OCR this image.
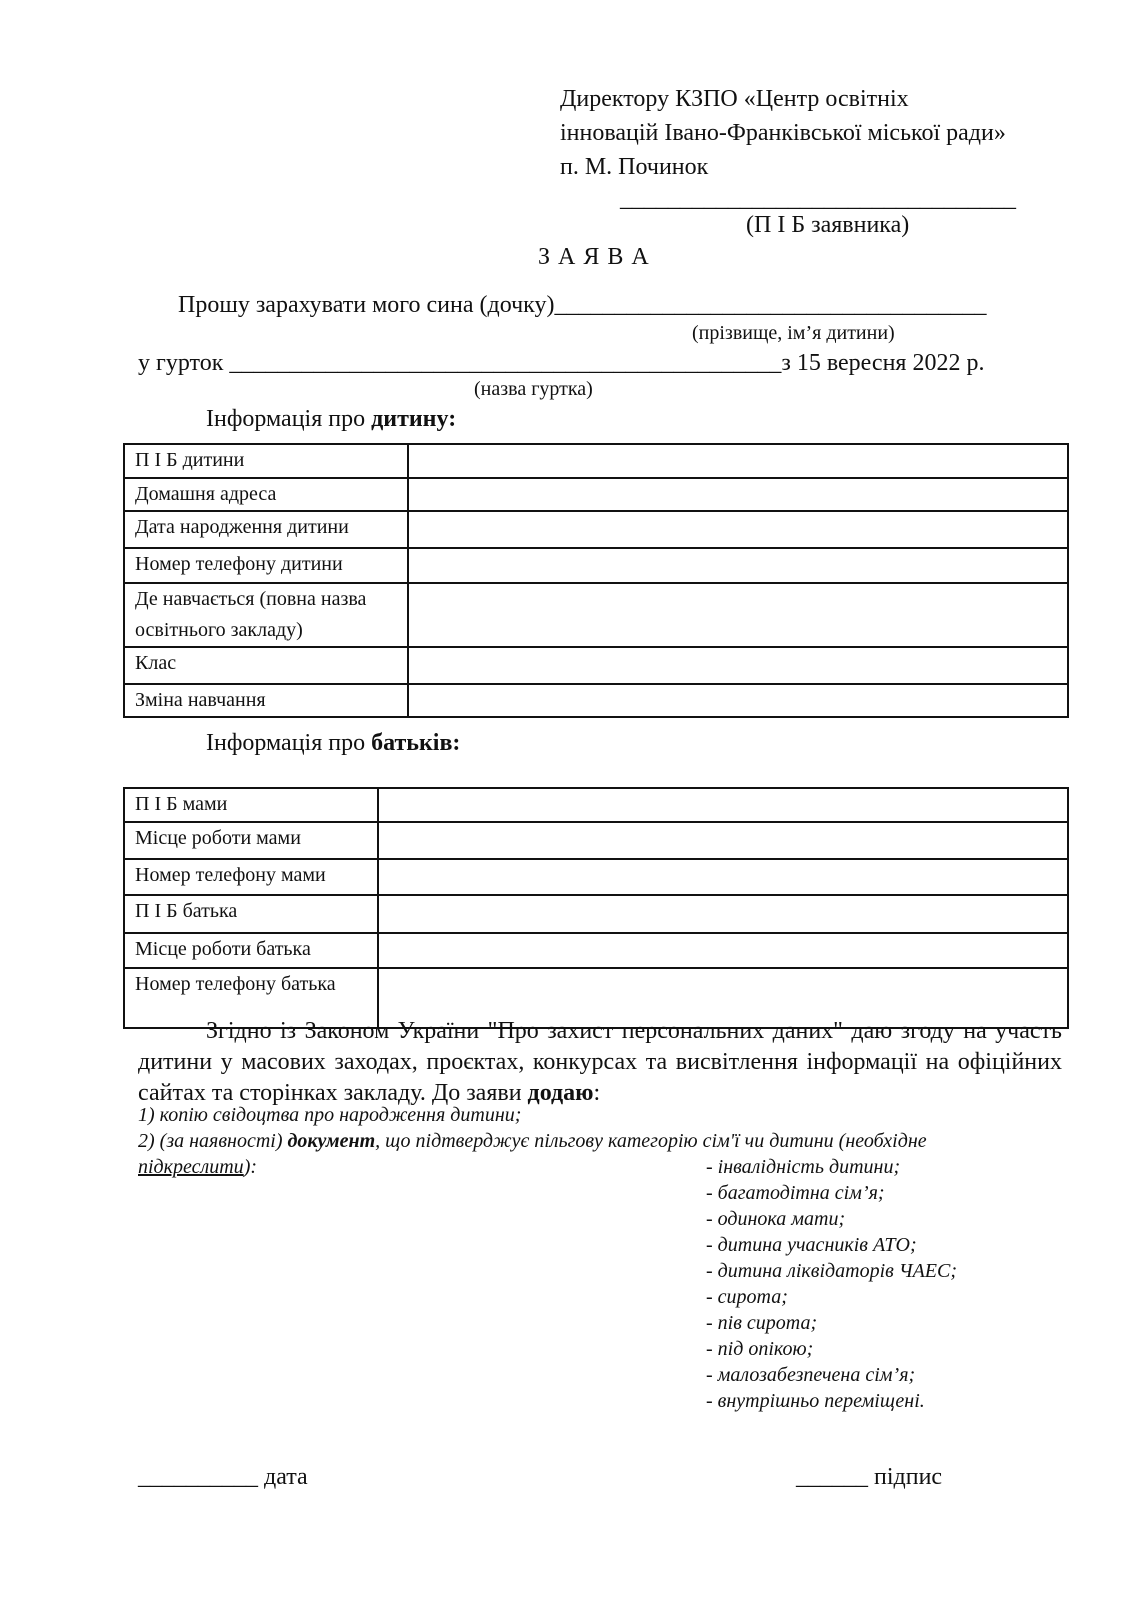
Директору КЗПО «Центр освітніх
інновацій Івано-Франківської міської ради»
п. М. Починок
_________________________________
(П І Б заявника)
З А Я В А
Прошу зарахувати мого сина (дочку)____________________________________
(прізвище, ім’я дитини)
у гурток ______________________________________________з 15 вересня 2022 р.
(назва гуртка)
Інформація про дитину:
П І Б дитини	
Домашня адреса	
Дата народження дитини	
Номер телефону дитини	
Де навчається (повна назва освітнього закладу)	
Клас	
Зміна навчання	
Інформація про батьків:
П І Б мами	
Місце роботи мами	
Номер телефону мами	
П І Б батька	
Місце роботи батька	
Номер телефону батька	
Згідно із Законом України "Про захист персональних даних" даю згоду на участь дитини у масових заходах, проєктах, конкурсах та висвітлення інформації на офіційних сайтах та сторінках закладу. До заяви додаю:
1) копію свідоцтва про народження дитини;
2) (за наявності) документ, що підтверджує пільгову категорію сім'ї чи дитини (необхідне
підкреслити):	- інвалідність дитини;
- багатодітна сім’я;
- одинока мати;
- дитина учасників АТО;
- дитина ліквідаторів ЧАЕС;
- сирота;
- пів сирота;
- під опікою;
- малозабезпечена сім’я;
- внутрішньо переміщені.
__________ дата	______ підпис
